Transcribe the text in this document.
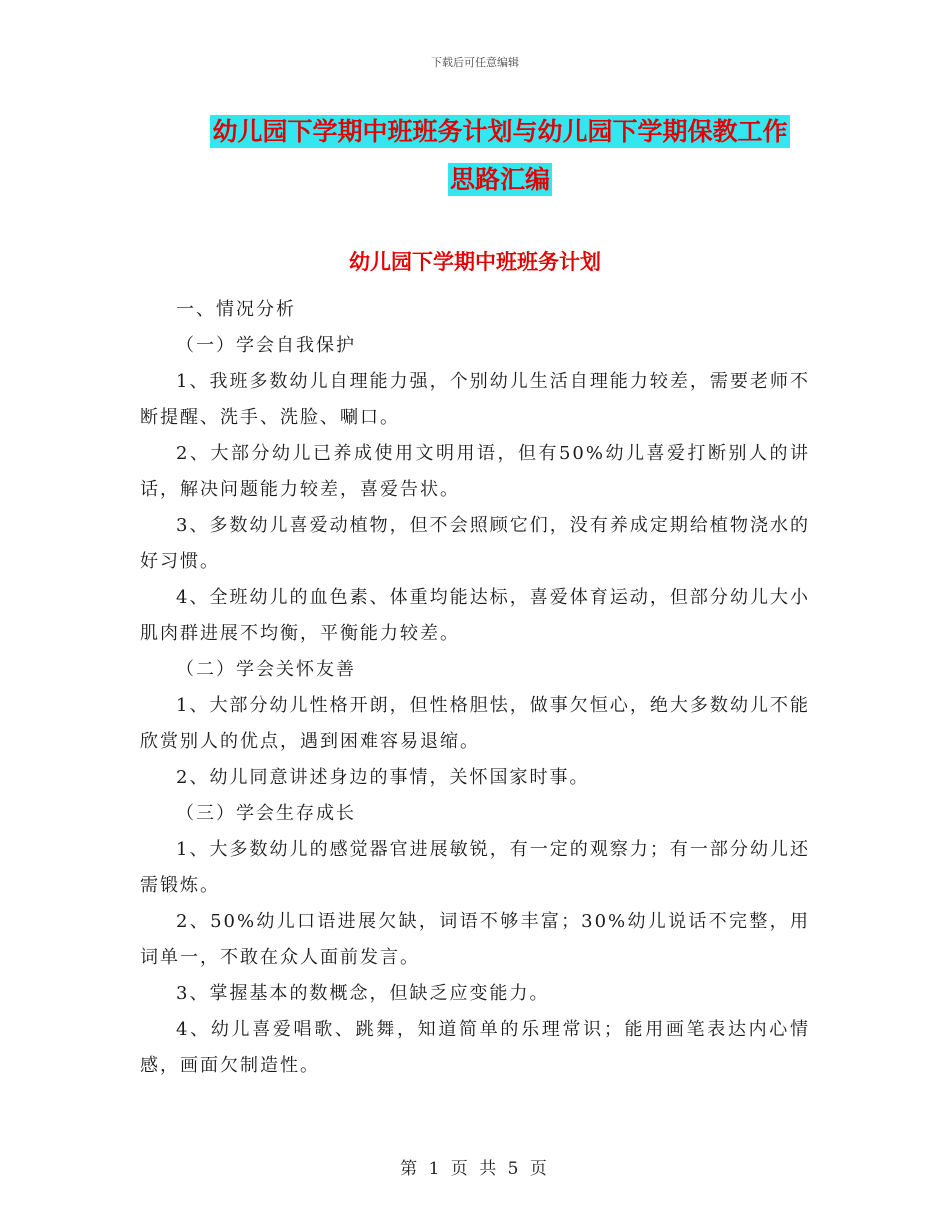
下载后可任意编辑
幼儿园下学期中班班务计划与幼儿园下学期保教工作
思路汇编
幼儿园下学期中班班务计划

一、情况分析

（一）学会自我保护

1、我班多数幼儿自理能力强，个别幼儿生活自理能力较差，需要老师不断提醒、洗手、洗脸、唰口。

2、大部分幼儿已养成使用文明用语，但有50%幼儿喜爱打断别人的讲话，解决问题能力较差，喜爱告状。

3、多数幼儿喜爱动植物，但不会照顾它们，没有养成定期给植物浇水的好习惯。

4、全班幼儿的血色素、体重均能达标，喜爱体育运动，但部分幼儿大小肌肉群进展不均衡，平衡能力较差。

（二）学会关怀友善

1、大部分幼儿性格开朗，但性格胆怯，做事欠恒心，绝大多数幼儿不能欣赏别人的优点，遇到困难容易退缩。

2、幼儿同意讲述身边的事情，关怀国家时事。

（三）学会生存成长

1、大多数幼儿的感觉器官进展敏锐，有一定的观察力；有一部分幼儿还需锻炼。

2、50%幼儿口语进展欠缺，词语不够丰富；30%幼儿说话不完整，用词单一，不敢在众人面前发言。

3、掌握基本的数概念，但缺乏应变能力。

4、幼儿喜爱唱歌、跳舞，知道简单的乐理常识；能用画笔表达内心情感，画面欠制造性。

第 1 页 共 5 页
